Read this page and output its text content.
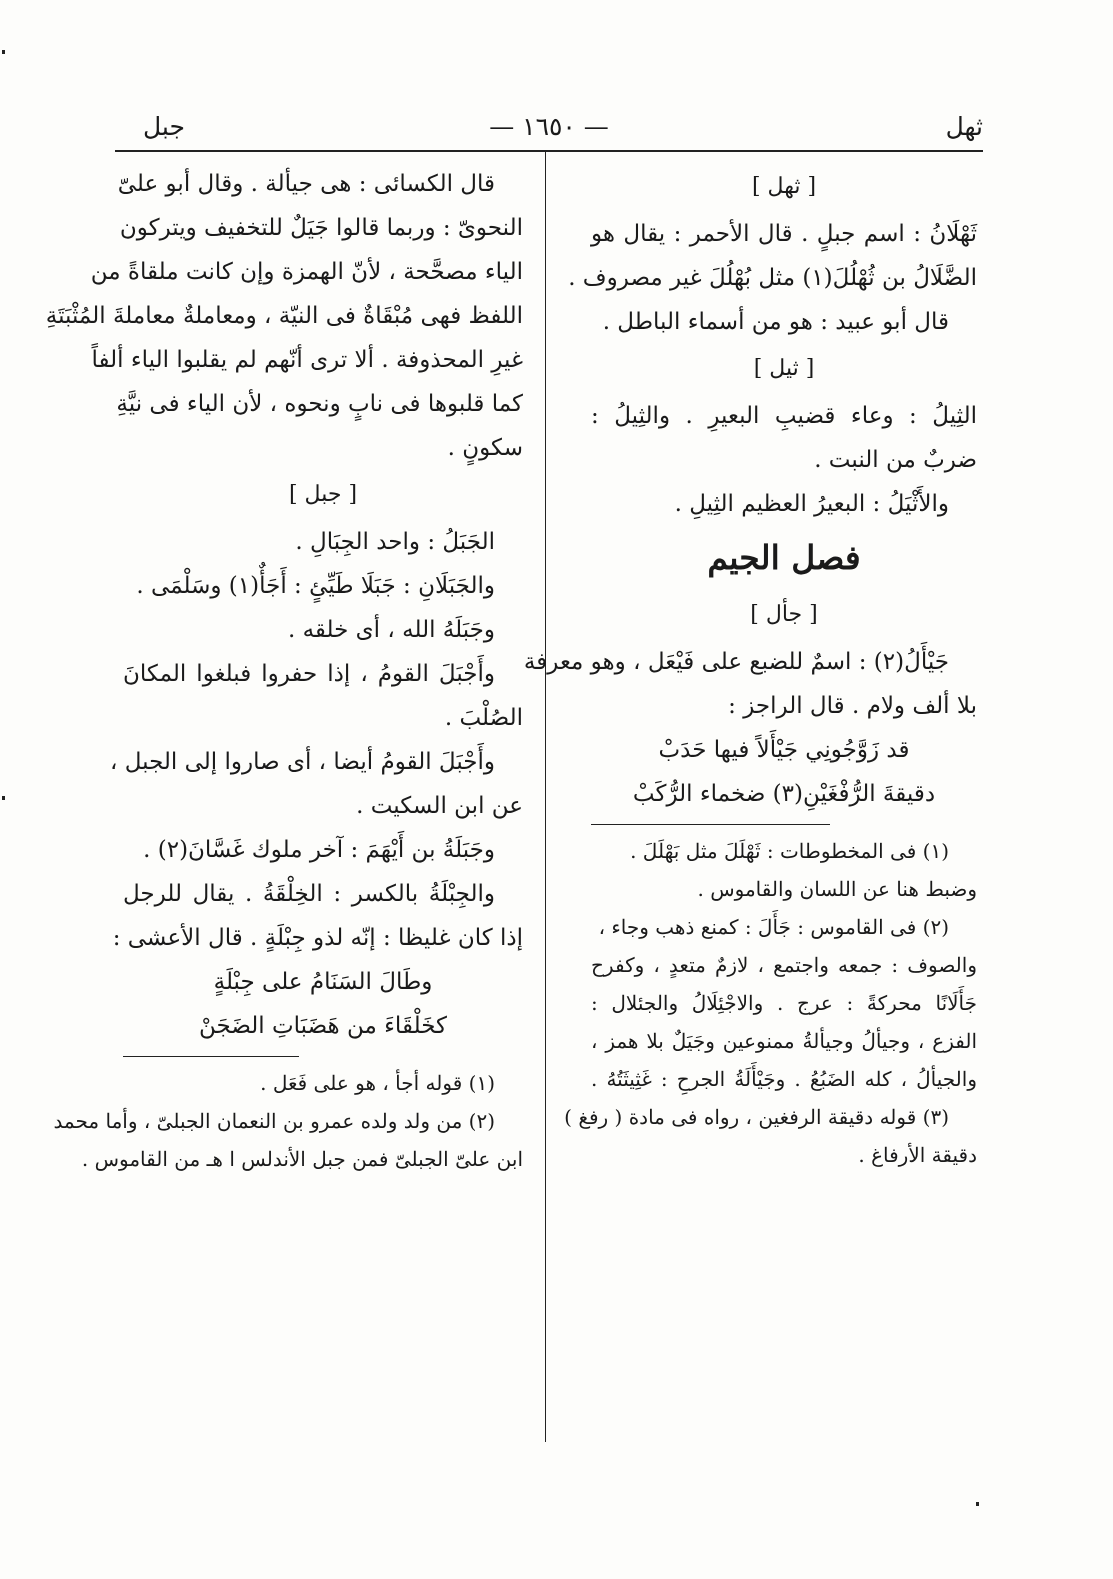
ثهل
— ١٦٥٠ —
جبل
[ ثهل ]
ثَهْلَانُ : اسم جبلٍ . قال الأحمر : يقال هو
الضَّلَالُ بن ثُهْلُلَ(١) مثل بُهْلُلَ غير مصروف .
قال أبو عبيد : هو من أسماء الباطل .
[ ثيل ]
الثِيلُ : وعاء قضيبِ البعيرِ . والثِيلُ :
ضربٌ من النبت .
والأَثْيَلُ : البعيرُ العظيم الثِيلِ .
فصل الجيم
[ جأل ]
جَيْأَلُ(٢) : اسمٌ للضبع على فَيْعَل ، وهو معرفة
بلا ألف ولام . قال الراجز :
قد زَوَّجُونِي جَيْأَلاً فيها حَدَبْ
دقيقةَ الرُّفْغَيْنِ(٣) ضخماء الرُّكَبْ
(١) فى المخطوطات : ثَهْلَلَ مثل بَهْلَلَ .
وضبط هنا عن اللسان والقاموس .
(٢) فى القاموس : جَأَلَ : كمنع ذهب وجاء ،
والصوف : جمعه واجتمع ، لازمٌ متعدٍ ، وكفرح
جَأَلَانًا محركةً : عرج . والاجْئِلَالُ والجئلال :
الفزع ، وجيألُ وجيألةُ ممنوعين وجَيَلٌ بلا همز ،
والجيألُ ، كله الضَبُعُ . وجَيْأَلَةُ الجرحِ : غَثِيثَتُهُ .
(٣) قوله دقيقة الرفغين ، رواه فى مادة ( رفغ )
دقيقة الأرفاغ .
قال الكسائى : هى جيألة . وقال أبو علىّ
النحوىّ : وربما قالوا جَيَلٌ للتخفيف ويتركون
الياء مصحَّحة ، لأنّ الهمزة وإن كانت ملقاةً من
اللفظ فهى مُبْقَاةٌ فى النيّة ، ومعاملةٌ معاملةَ المُثْبَتَةِ
غيرِ المحذوفة . ألا ترى أنّهم لم يقلبوا الياء ألفاً
كما قلبوها فى نابٍ ونحوه ، لأن الياء فى نيَّةِ
سكونٍ .
[ جبل ]
الجَبَلُ : واحد الجِبَالِ .
والجَبَلَانِ : جَبَلَا طَيِّئٍ : أَجَأٌ(١) وسَلْمَى .
وجَبَلَهُ الله ، أى خلقه .
وأَجْبَلَ القومُ ، إذا حفروا فبلغوا المكانَ
الصُلْبَ .
وأَجْبَلَ القومُ أيضا ، أى صاروا إلى الجبل ،
عن ابن السكيت .
وجَبَلَةُ بن أَيْهَمَ : آخر ملوك غَسَّانَ(٢) .
والجِبْلَةُ بالكسر : الخِلْقَةُ . يقال للرجل
إذا كان غليظا : إنّه لذو جِبْلَةٍ . قال الأعشى :
وطَالَ السَنَامُ على جِبْلَةٍ
كخَلْقَاءَ من هَضَبَاتِ الضَجَنْ
(١) قوله أجأ ، هو على فَعَل .
(٢) من ولد ولده عمرو بن النعمان الجبلىّ ، وأما محمد
ابن علىّ الجبلىّ فمن جبل الأندلس ا هـ من القاموس .
